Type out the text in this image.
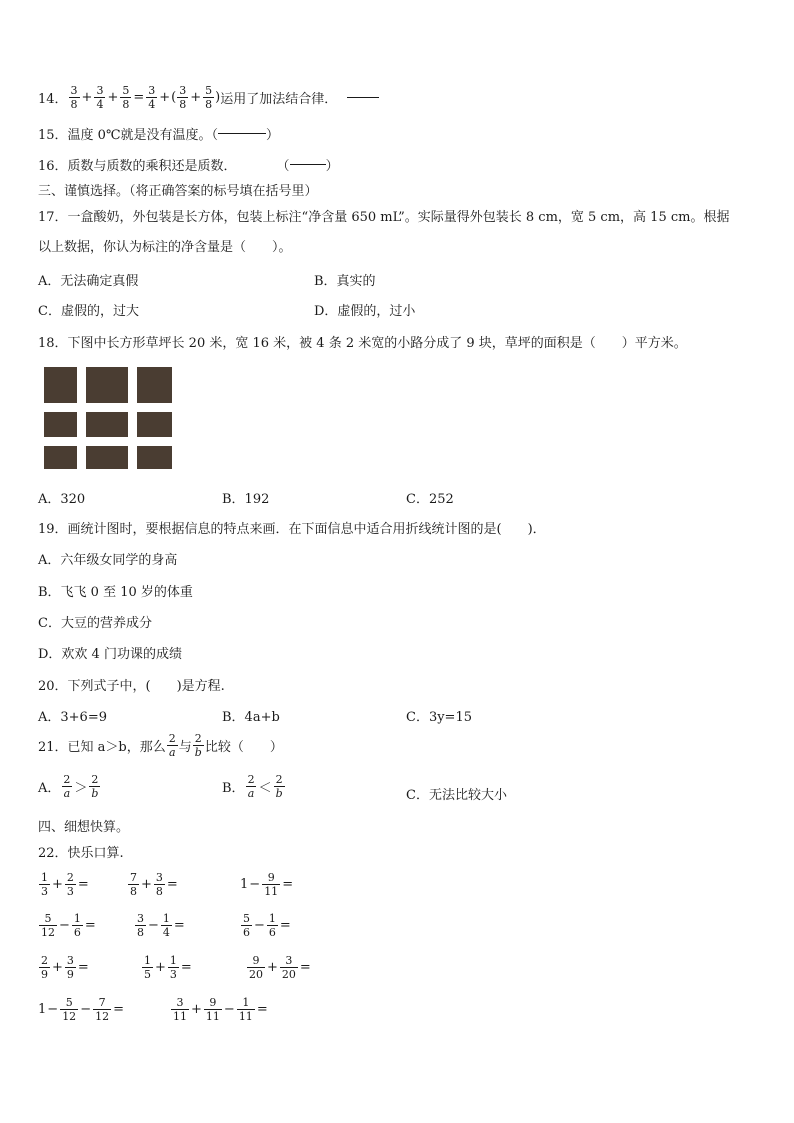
14． $\frac{3}{8} + \frac{3}{4} + \frac{5}{8} = \frac{3}{4}$ + ( $\frac{3}{8} + \frac{5}{8}$ ) 运用了加法结合律．
15．温度 0℃就是没有温度。（	）
16．质数与质数的乘积还是质数．	（	）
三、谨慎选择。（将正确答案的标号填在括号里）
17．一盒酸奶，外包装是长方体，包装上标注“净含量 650 mL”。实际量得外包装长 8 cm，宽 5 cm，高 15 cm。根据
以上数据，你认为标注的净含量是（　　）。
A．无法确定真假	B．真实的
C．虚假的，过大	D．虚假的，过小
18．下图中长方形草坪长 20 米，宽 16 米，被 4 条 2 米宽的小路分成了 9 块，草坪的面积是（　　）平方米。
A．320	B．192	C．252
19．画统计图时，要根据信息的特点来画．在下面信息中适合用折线统计图的是(　　)．
A．六年级女同学的身高
B．飞飞 0 至 10 岁的体重
C．大豆的营养成分
D．欢欢 4 门功课的成绩
20．下列式子中，(　　)是方程.
A．3+6=9	B．4a+b	C．3y=15
21．已知 a＞b，那么 $\frac{2}{a}$ 与 $\frac{2}{b}$ 比较（　　）
A． $\frac{2}{a} > \frac{2}{b}$	B． $\frac{2}{a} < \frac{2}{b}$	C．无法比较大小
四、细想快算。
22．快乐口算.
$\frac{1}{3} + \frac{2}{3}$ =	$\frac{7}{8} + \frac{3}{8}$ =	$1 - \frac{9}{11}$ =
$\frac{5}{12} - \frac{1}{6}$ =	$\frac{3}{8} - \frac{1}{4}$ =	$\frac{5}{6} - \frac{1}{6}$ =
$\frac{2}{9} + \frac{3}{9}$ =	$\frac{1}{5} + \frac{1}{3}$ =	$\frac{9}{20} + \frac{3}{20}$ =
$1 - \frac{5}{12} - \frac{7}{12}$ =	$\frac{3}{11} + \frac{9}{11} - \frac{1}{11}$ =
